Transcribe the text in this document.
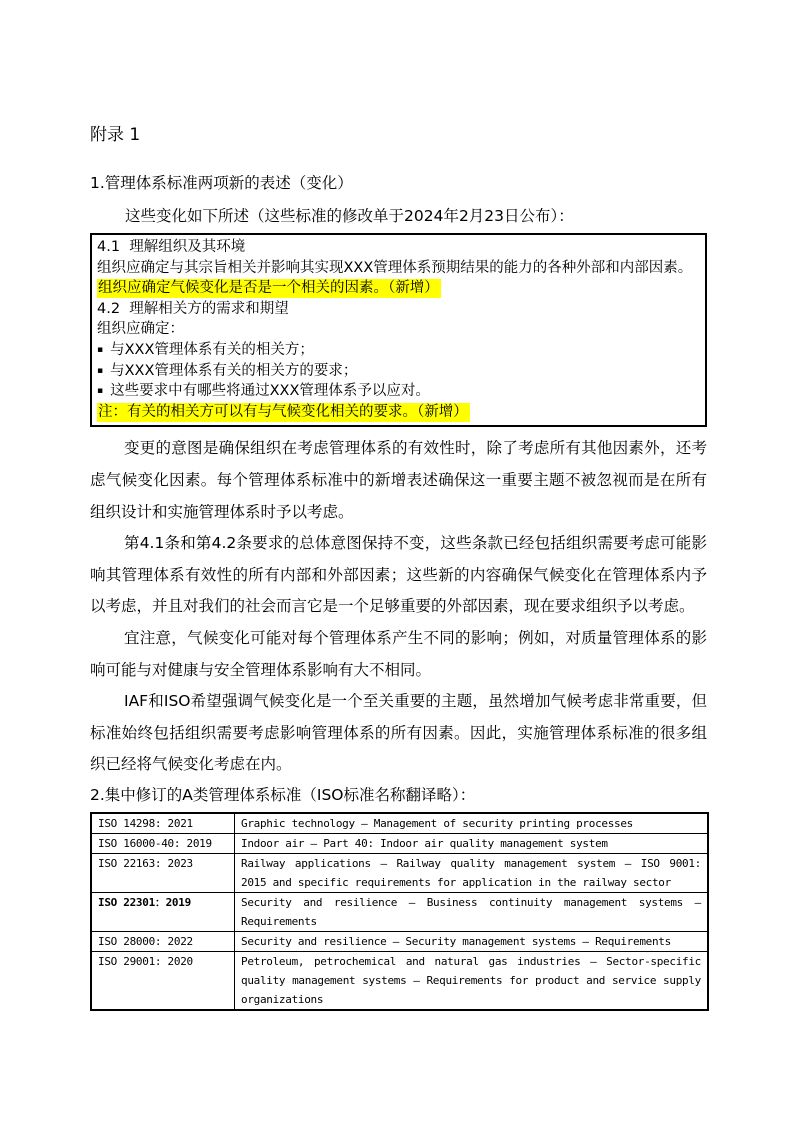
附录 1
1.管理体系标准两项新的表述（变化）

这些变化如下所述（这些标准的修改单于2024年2月23日公布）：

4.1  理解组织及其环境
组织应确定与其宗旨相关并影响其实现XXX管理体系预期结果的能力的各种外部和内部因素。
组织应确定气候变化是否是一个相关的因素。（新增）
4.2  理解相关方的需求和期望
组织应确定：
▪ 与XXX管理体系有关的相关方；
▪ 与XXX管理体系有关的相关方的要求；
▪ 这些要求中有哪些将通过XXX管理体系予以应对。
注：有关的相关方可以有与气候变化相关的要求。（新增）

变更的意图是确保组织在考虑管理体系的有效性时，除了考虑所有其他因素外，还考虑气候变化因素。每个管理体系标准中的新增表述确保这一重要主题不被忽视而是在所有组织设计和实施管理体系时予以考虑。

第4.1条和第4.2条要求的总体意图保持不变，这些条款已经包括组织需要考虑可能影响其管理体系有效性的所有内部和外部因素；这些新的内容确保气候变化在管理体系内予以考虑，并且对我们的社会而言它是一个足够重要的外部因素，现在要求组织予以考虑。

宜注意，气候变化可能对每个管理体系产生不同的影响；例如，对质量管理体系的影响可能与对健康与安全管理体系影响有大不相同。

IAF和ISO希望强调气候变化是一个至关重要的主题，虽然增加气候考虑非常重要，但标准始终包括组织需要考虑影响管理体系的所有因素。因此，实施管理体系标准的很多组织已经将气候变化考虑在内。

2.集中修订的A类管理体系标准（ISO标准名称翻译略）：
ISO 14298: 2021	Graphic technology — Management of security printing processes
ISO 16000-40: 2019	Indoor air — Part 40: Indoor air quality management system
ISO 22163: 2023	Railway applications — Railway quality management system — ISO 9001: 2015 and specific requirements for application in the railway sector
ISO 22301：2019	Security and resilience — Business continuity management systems — Requirements
ISO 28000: 2022	Security and resilience — Security management systems — Requirements
ISO 29001: 2020	Petroleum, petrochemical and natural gas industries — Sector-specific quality management systems — Requirements for product and service supply organizations
